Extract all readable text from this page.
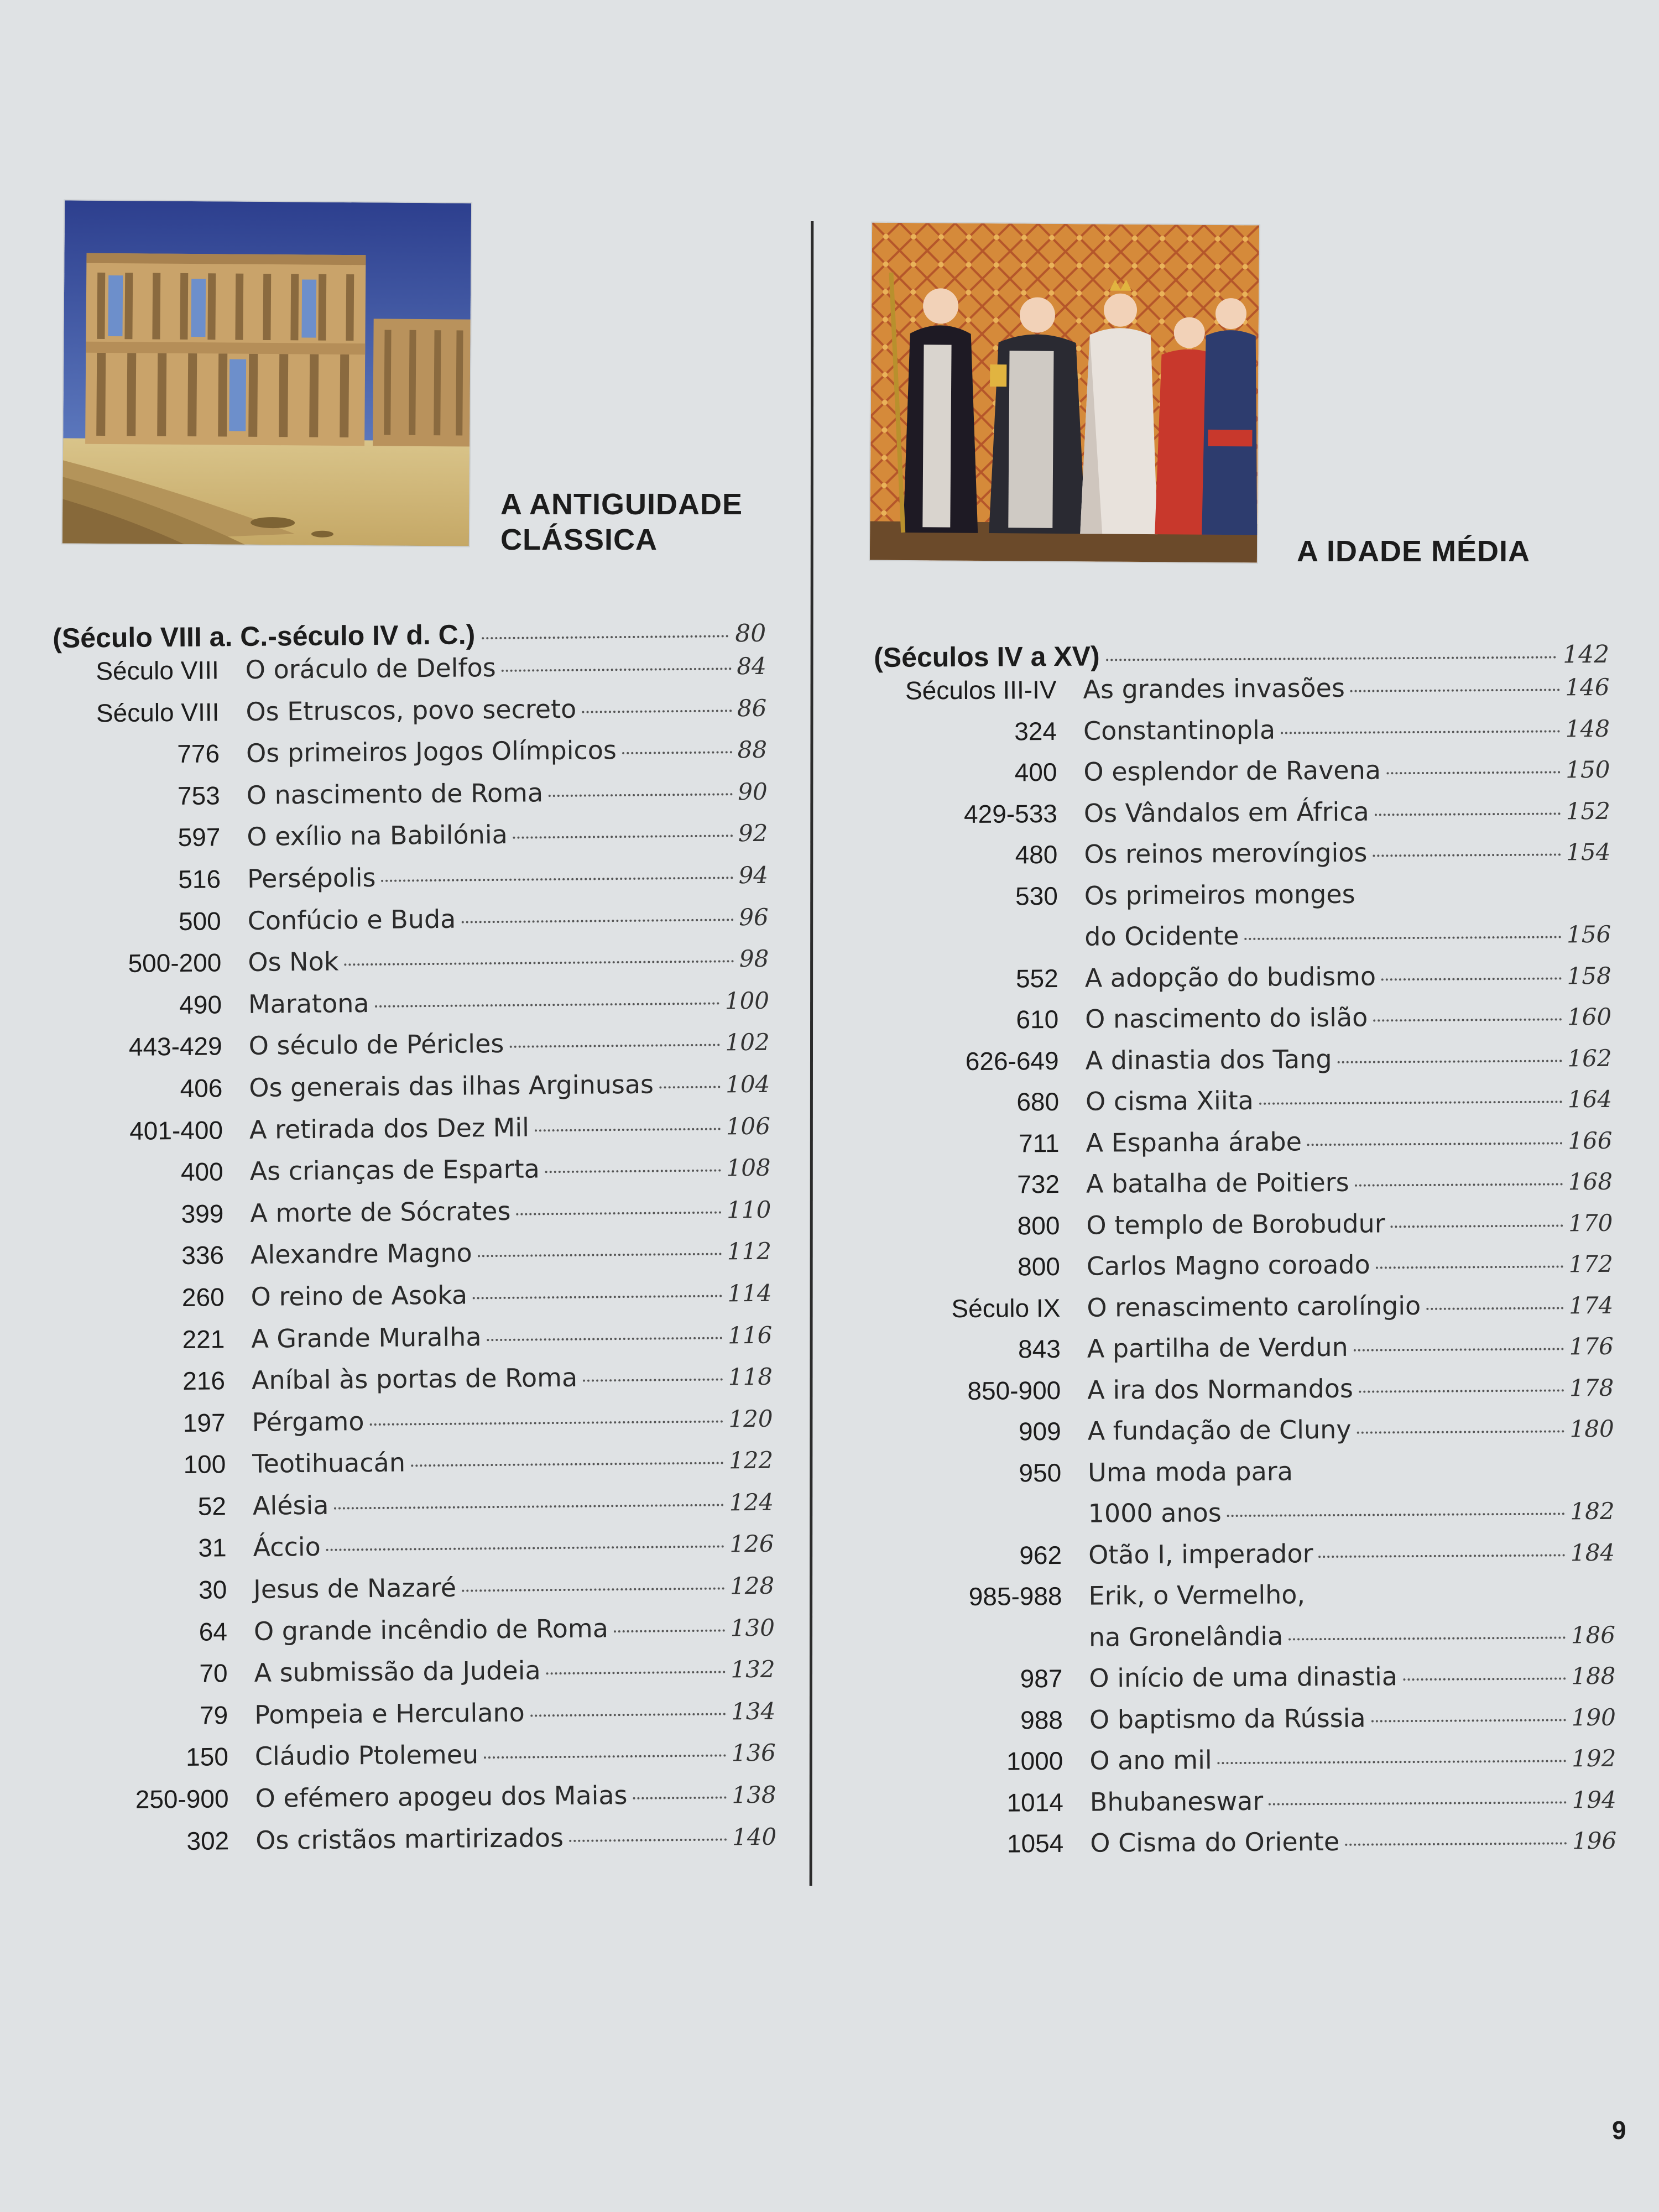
A ANTIGUIDADE
CLÁSSICA
(Século VIII a. C.-século IV d. C.)	80
Século VIII O oráculo de Delfos	84
Século VIII Os Etruscos, povo secreto	86
776 Os primeiros Jogos Olímpicos	88
753 O nascimento de Roma	90
597 O exílio na Babilónia	92
516 Persépolis	94
500 Confúcio e Buda	96
500-200 Os Nok	98
490 Maratona	100
443-429 O século de Péricles	102
406 Os generais das ilhas Arginusas	104
401-400 A retirada dos Dez Mil	106
400 As crianças de Esparta	108
399 A morte de Sócrates	110
336 Alexandre Magno	112
260 O reino de Asoka	114
221 A Grande Muralha	116
216 Aníbal às portas de Roma	118
197 Pérgamo	120
100 Teotihuacán	122
52 Alésia	124
31 Áccio	126
30 Jesus de Nazaré	128
64 O grande incêndio de Roma	130
70 A submissão da Judeia	132
79 Pompeia e Herculano	134
150 Cláudio Ptolemeu	136
250-900 O efémero apogeu dos Maias	138
302 Os cristãos martirizados	140
A IDADE MÉDIA
(Séculos IV a XV)	142
Séculos III-IV As grandes invasões	146
324 Constantinopla	148
400 O esplendor de Ravena	150
429-533 Os Vândalos em África	152
480 Os reinos merovíngios	154
530 Os primeiros monges
do Ocidente	156
552 A adopção do budismo	158
610 O nascimento do islão	160
626-649 A dinastia dos Tang	162
680 O cisma Xiita	164
711 A Espanha árabe	166
732 A batalha de Poitiers	168
800 O templo de Borobudur	170
800 Carlos Magno coroado	172
Século IX O renascimento carolíngio	174
843 A partilha de Verdun	176
850-900 A ira dos Normandos	178
909 A fundação de Cluny	180
950 Uma moda para
1000 anos	182
962 Otão I, imperador	184
985-988 Erik, o Vermelho,
na Gronelândia	186
987 O início de uma dinastia	188
988 O baptismo da Rússia	190
1000 O ano mil	192
1014 Bhubaneswar	194
1054 O Cisma do Oriente	196
9
